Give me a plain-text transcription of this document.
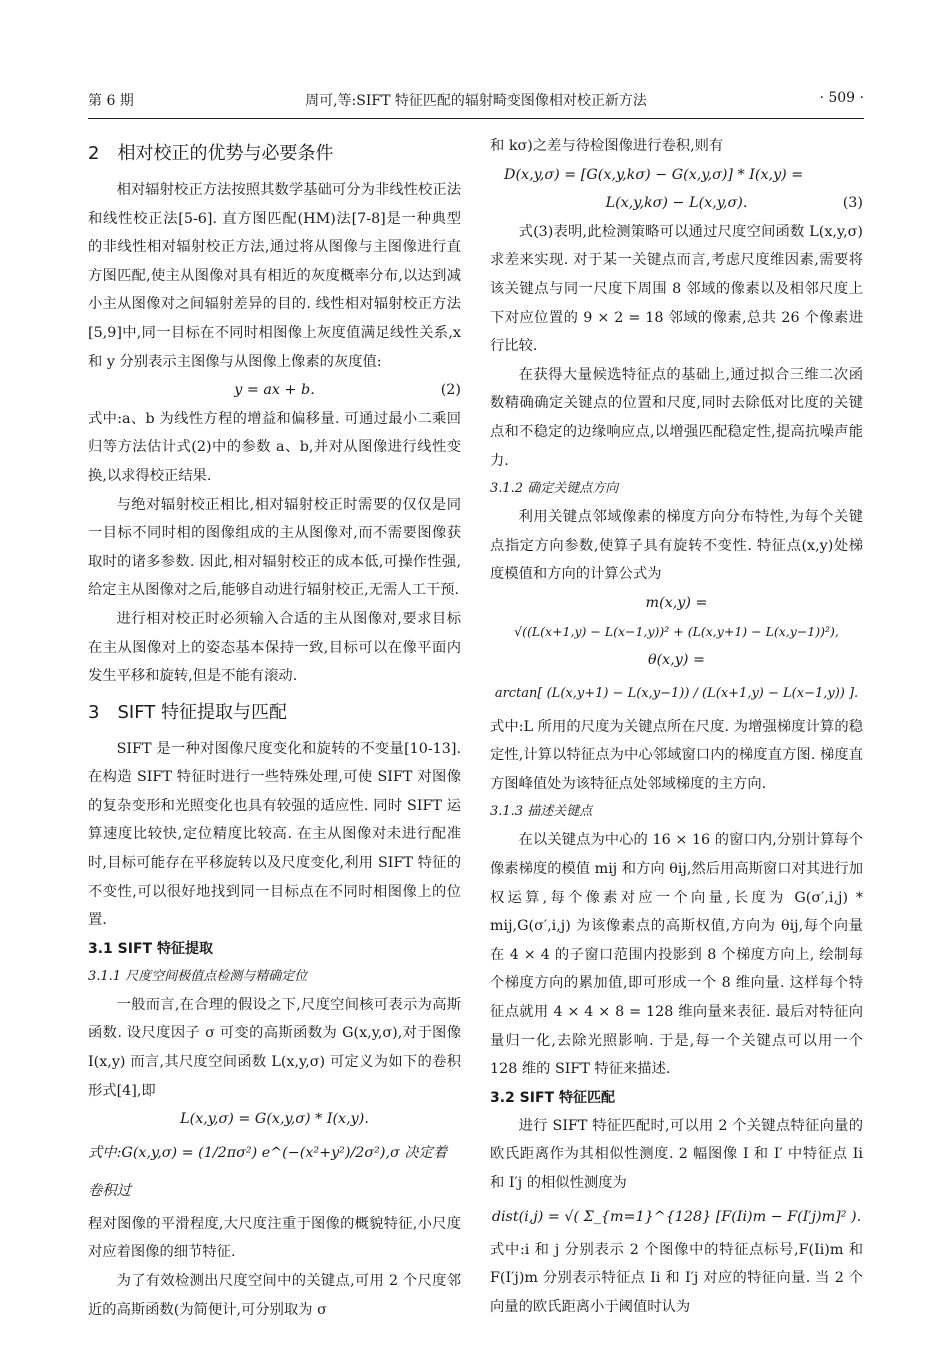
第 6 期	周可,等:SIFT 特征匹配的辐射畸变图像相对校正新方法	· 509 ·
2 相对校正的优势与必要条件

相对辐射校正方法按照其数学基础可分为非线性校正法和线性校正法[5-6]. 直方图匹配(HM)法[7-8]是一种典型的非线性相对辐射校正方法,通过将从图像与主图像进行直方图匹配,使主从图像对具有相近的灰度概率分布,以达到减小主从图像对之间辐射差异的目的. 线性相对辐射校正方法[5,9]中,同一目标在不同时相图像上灰度值满足线性关系,x 和 y 分别表示主图像与从图像上像素的灰度值:

y = ax + b.	(2)

式中:a、b 为线性方程的增益和偏移量. 可通过最小二乘回归等方法估计式(2)中的参数 a、b,并对从图像进行线性变换,以求得校正结果.

与绝对辐射校正相比,相对辐射校正时需要的仅仅是同一目标不同时相的图像组成的主从图像对,而不需要图像获取时的诸多参数. 因此,相对辐射校正的成本低,可操作性强,给定主从图像对之后,能够自动进行辐射校正,无需人工干预.

进行相对校正时必须输入合适的主从图像对,要求目标在主从图像对上的姿态基本保持一致,目标可以在像平面内发生平移和旋转,但是不能有滚动.

3 SIFT 特征提取与匹配

SIFT 是一种对图像尺度变化和旋转的不变量[10-13]. 在构造 SIFT 特征时进行一些特殊处理,可使 SIFT 对图像的复杂变形和光照变化也具有较强的适应性. 同时 SIFT 运算速度比较快,定位精度比较高. 在主从图像对未进行配准时,目标可能存在平移旋转以及尺度变化,利用 SIFT 特征的不变性,可以很好地找到同一目标点在不同时相图像上的位置.

3.1 SIFT 特征提取
3.1.1 尺度空间极值点检测与精确定位

一般而言,在合理的假设之下,尺度空间核可表示为高斯函数. 设尺度因子 σ 可变的高斯函数为 G(x,y,σ),对于图像 I(x,y) 而言,其尺度空间函数 L(x,y,σ) 可定义为如下的卷积形式[4],即

L(x,y,σ) = G(x,y,σ) * I(x,y).
式中:G(x,y,σ) = (1/2πσ²) e^(−(x²+y²)/2σ²),σ 决定着卷积过

程对图像的平滑程度,大尺度注重于图像的概貌特征,小尺度对应着图像的细节特征.

为了有效检测出尺度空间中的关键点,可用 2 个尺度邻近的高斯函数(为简便计,可分别取为 σ

和 kσ)之差与待检图像进行卷积,则有

D(x,y,σ) = [G(x,y,kσ) − G(x,y,σ)] * I(x,y) =
L(x,y,kσ) − L(x,y,σ).	(3)

式(3)表明,此检测策略可以通过尺度空间函数 L(x,y,σ) 求差来实现. 对于某一关键点而言,考虑尺度维因素,需要将该关键点与同一尺度下周围 8 邻域的像素以及相邻尺度上下对应位置的 9 × 2 = 18 邻域的像素,总共 26 个像素进行比较.

在获得大量候选特征点的基础上,通过拟合三维二次函数精确确定关键点的位置和尺度,同时去除低对比度的关键点和不稳定的边缘响应点,以增强匹配稳定性,提高抗噪声能力.

3.1.2 确定关键点方向

利用关键点邻域像素的梯度方向分布特性,为每个关键点指定方向参数,使算子具有旋转不变性. 特征点(x,y)处梯度模值和方向的计算公式为

m(x,y) =
√((L(x+1,y) − L(x−1,y))² + (L(x,y+1) − L(x,y−1))²),
θ(x,y) =
arctan[ (L(x,y+1) − L(x,y−1)) / (L(x+1,y) − L(x−1,y)) ].

式中:L 所用的尺度为关键点所在尺度. 为增强梯度计算的稳定性,计算以特征点为中心邻域窗口内的梯度直方图. 梯度直方图峰值处为该特征点处邻域梯度的主方向.

3.1.3 描述关键点

在以关键点为中心的 16 × 16 的窗口内,分别计算每个像素梯度的模值 mij 和方向 θij,然后用高斯窗口对其进行加权运算,每个像素对应一个向量,长度为 G(σ′,i,j) * mij,G(σ′,i,j) 为该像素点的高斯权值,方向为 θij,每个向量在 4 × 4 的子窗口范围内投影到 8 个梯度方向上, 绘制每个梯度方向的累加值,即可形成一个 8 维向量. 这样每个特征点就用 4 × 4 × 8 = 128 维向量来表征. 最后对特征向量归一化,去除光照影响. 于是,每一个关键点可以用一个 128 维的 SIFT 特征来描述.

3.2 SIFT 特征匹配

进行 SIFT 特征匹配时,可以用 2 个关键点特征向量的欧氏距离作为其相似性测度. 2 幅图像 I 和 I′ 中特征点 Ii 和 I′j 的相似性测度为

dist(i,j) = √( Σ_{m=1}^{128} [F(Ii)m − F(I′j)m]² ).

式中:i 和 j 分别表示 2 个图像中的特征点标号,F(Ii)m 和 F(I′j)m 分别表示特征点 Ii 和 I′j 对应的特征向量. 当 2 个向量的欧氏距离小于阈值时认为
